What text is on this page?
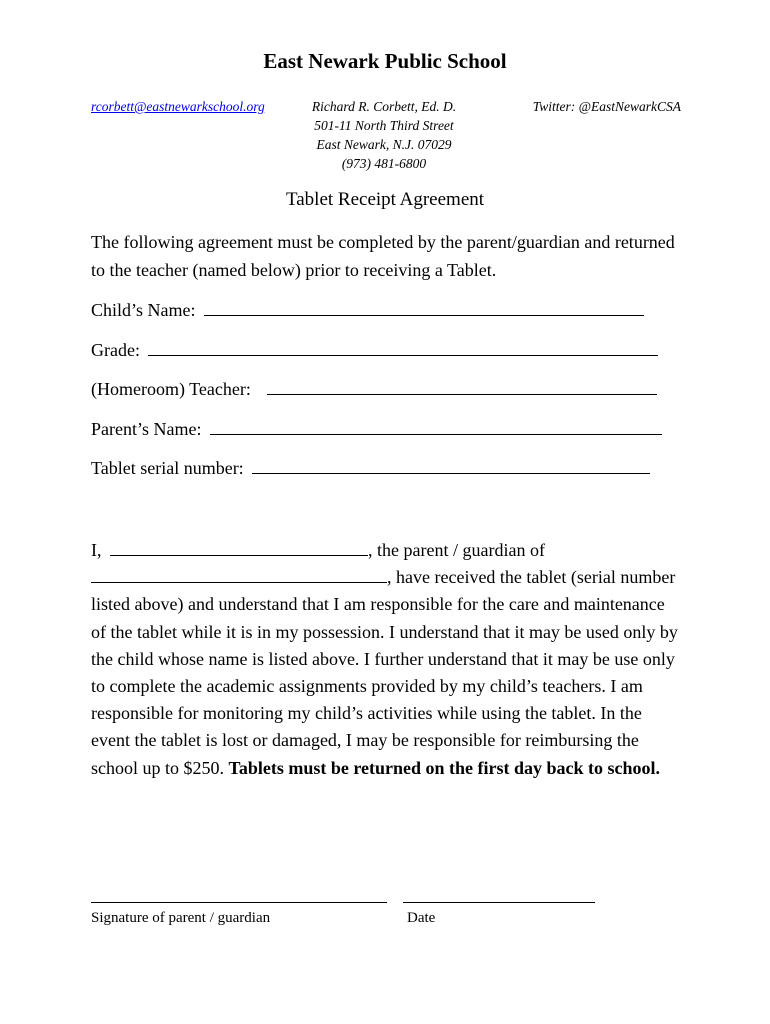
East Newark Public School
rcorbett@eastnewarkschool.org	Richard R. Corbett, Ed. D.
501-11 North Third Street
East Newark, N.J. 07029
(973) 481-6800
Twitter: @EastNewarkCSA
Tablet Receipt Agreement
The following agreement must be completed by the parent/guardian and returned to the teacher (named below) prior to receiving a Tablet.
Child’s Name:
Grade:
(Homeroom) Teacher:
Parent’s Name:
Tablet serial number:
I,	, the parent / guardian of
, have received the tablet (serial number listed above) and understand that I am responsible for the care and maintenance of the tablet while it is in my possession. I understand that it may be used only by the child whose name is listed above. I further understand that it may be use only to complete the academic assignments provided by my child’s teachers. I am responsible for monitoring my child’s activities while using the tablet. In the event the tablet is lost or damaged, I may be responsible for reimbursing the school up to $250. Tablets must be returned on the first day back to school.
Signature of parent / guardian	Date
